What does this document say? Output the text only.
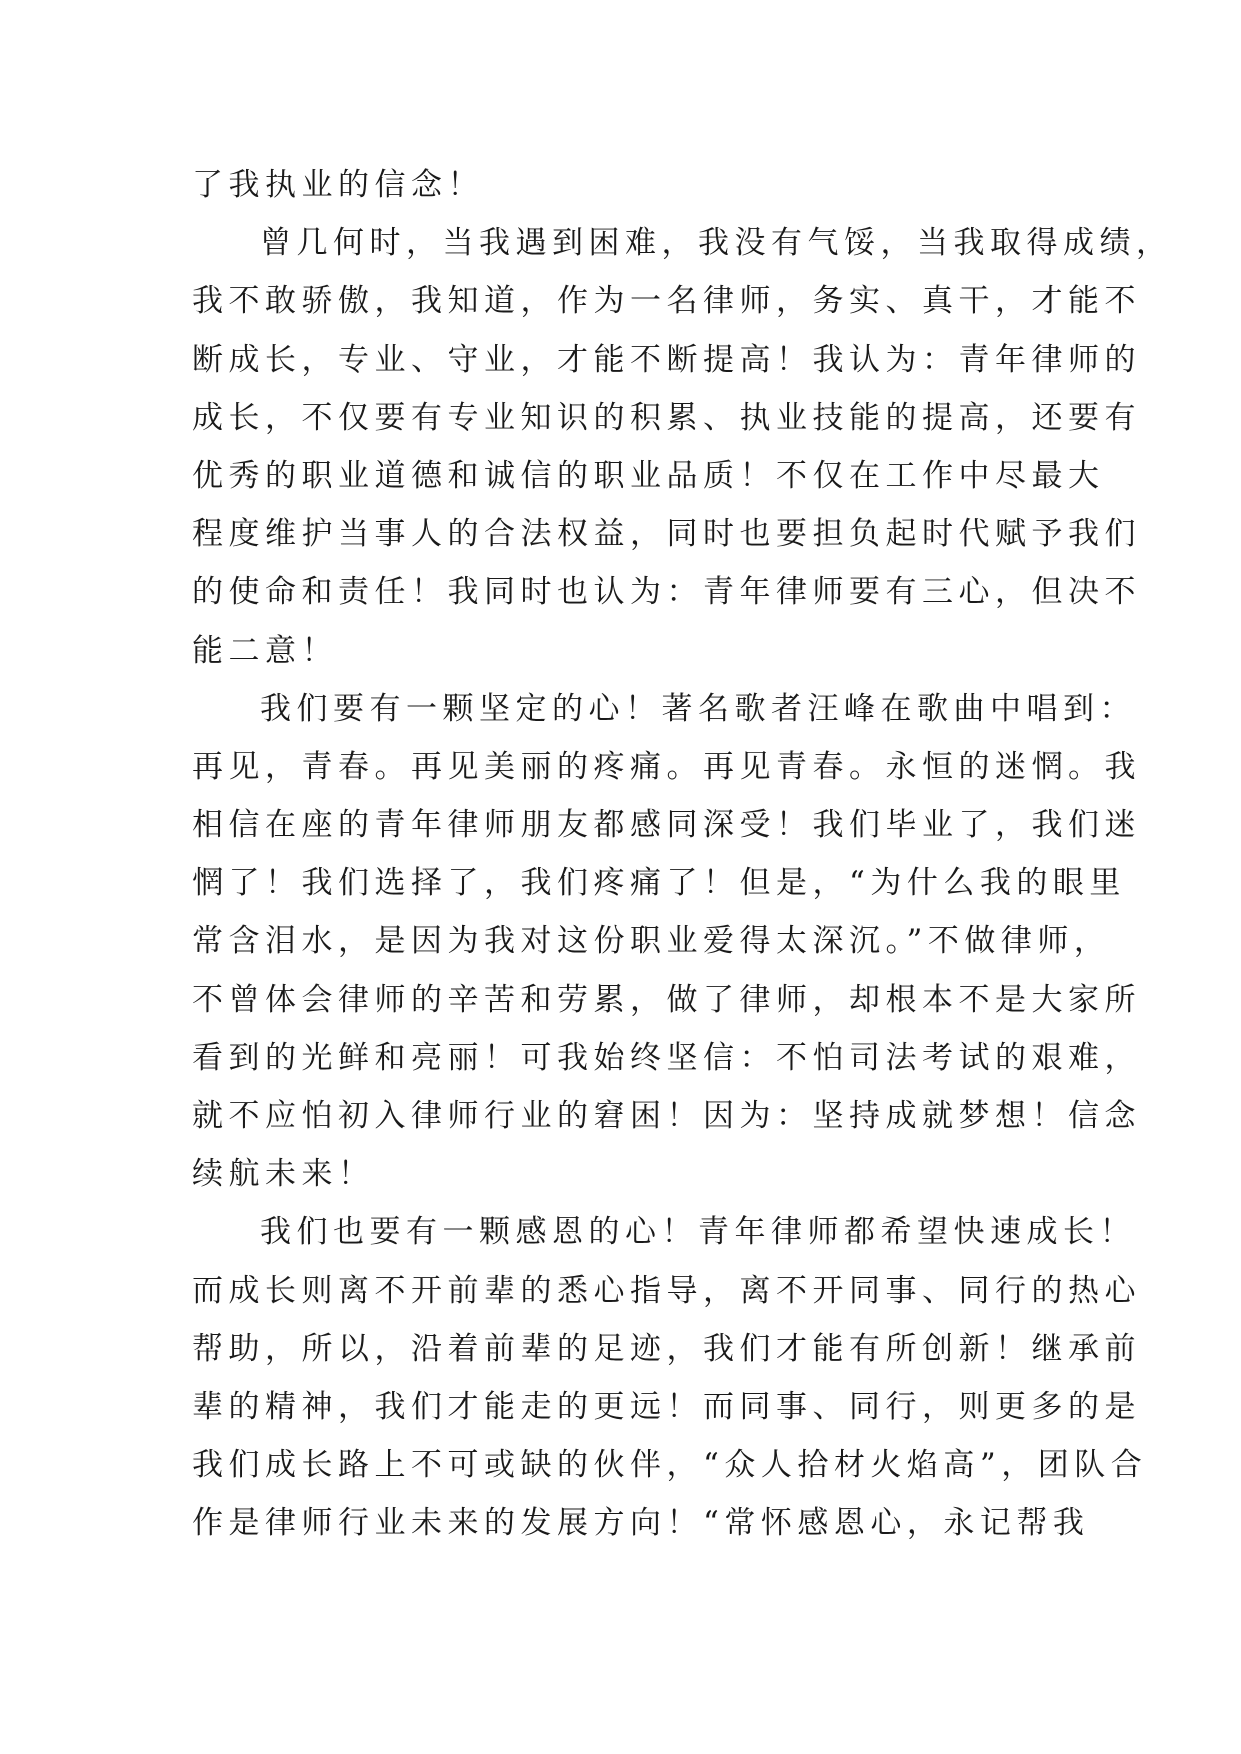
了我执业的信念！
曾几何时，当我遇到困难，我没有气馁，当我取得成绩，
我不敢骄傲，我知道，作为一名律师，务实、真干，才能不
断成长，专业、守业，才能不断提高！我认为：青年律师的
成长，不仅要有专业知识的积累、执业技能的提高，还要有
优秀的职业道德和诚信的职业品质！不仅在工作中尽最大
程度维护当事人的合法权益，同时也要担负起时代赋予我们
的使命和责任！我同时也认为：青年律师要有三心，但决不
能二意！
我们要有一颗坚定的心！著名歌者汪峰在歌曲中唱到：
再见，青春。再见美丽的疼痛。再见青春。永恒的迷惘。我
相信在座的青年律师朋友都感同深受！我们毕业了，我们迷
惘了！我们选择了，我们疼痛了！但是，“为什么我的眼里
常含泪水，是因为我对这份职业爱得太深沉。”不做律师，
不曾体会律师的辛苦和劳累，做了律师，却根本不是大家所
看到的光鲜和亮丽！可我始终坚信：不怕司法考试的艰难，
就不应怕初入律师行业的窘困！因为：坚持成就梦想！信念
续航未来！
我们也要有一颗感恩的心！青年律师都希望快速成长！
而成长则离不开前辈的悉心指导，离不开同事、同行的热心
帮助，所以，沿着前辈的足迹，我们才能有所创新！继承前
辈的精神，我们才能走的更远！而同事、同行，则更多的是
我们成长路上不可或缺的伙伴，“众人拾材火焰高”，团队合
作是律师行业未来的发展方向！“常怀感恩心，永记帮我
